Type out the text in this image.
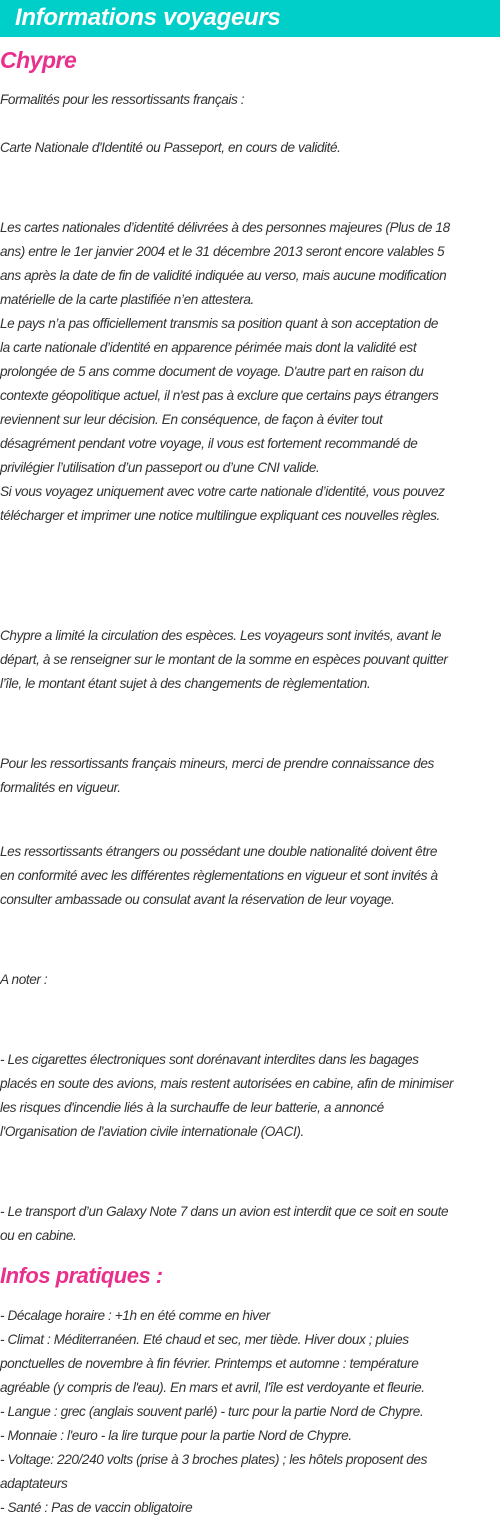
Informations voyageurs
Chypre

Formalités pour les ressortissants français :

Carte Nationale d'Identité ou Passeport, en cours de validité.

Les cartes nationales d’identité délivrées à des personnes majeures (Plus de 18
ans) entre le 1er janvier 2004 et le 31 décembre 2013 seront encore valables 5
ans après la date de fin de validité indiquée au verso, mais aucune modification
matérielle de la carte plastifiée n’en attestera.
Le pays n’a pas officiellement transmis sa position quant à son acceptation de
la carte nationale d’identité en apparence périmée mais dont la validité est
prolongée de 5 ans comme document de voyage. D'autre part en raison du
contexte géopolitique actuel, il n'est pas à exclure que certains pays étrangers
reviennent sur leur décision. En conséquence, de façon à éviter tout
désagrément pendant votre voyage, il vous est fortement recommandé de
privilégier l’utilisation d’un passeport ou d’une CNI valide.
Si vous voyagez uniquement avec votre carte nationale d’identité, vous pouvez
télécharger et imprimer une notice multilingue expliquant ces nouvelles règles.

Chypre a limité la circulation des espèces. Les voyageurs sont invités, avant le
départ, à se renseigner sur le montant de la somme en espèces pouvant quitter
l’île, le montant étant sujet à des changements de règlementation.

Pour les ressortissants français mineurs, merci de prendre connaissance des
formalités en vigueur.

Les ressortissants étrangers ou possédant une double nationalité doivent être
en conformité avec les différentes règlementations en vigueur et sont invités à
consulter ambassade ou consulat avant la réservation de leur voyage.

A noter :

- Les cigarettes électroniques sont dorénavant interdites dans les bagages
placés en soute des avions, mais restent autorisées en cabine, afin de minimiser
les risques d'incendie liés à la surchauffe de leur batterie, a annoncé
l'Organisation de l'aviation civile internationale (OACI).

- Le transport d’un Galaxy Note 7 dans un avion est interdit que ce soit en soute
ou en cabine.

Infos pratiques :

- Décalage horaire : +1h en été comme en hiver
- Climat : Méditerranéen. Eté chaud et sec, mer tiède. Hiver doux ; pluies
ponctuelles de novembre à fin février. Printemps et automne : température
agréable (y compris de l'eau). En mars et avril, l'île est verdoyante et fleurie.
- Langue : grec (anglais souvent parlé) - turc pour la partie Nord de Chypre.
- Monnaie : l'euro - la lire turque pour la partie Nord de Chypre.
- Voltage: 220/240 volts (prise à 3 broches plates) ; les hôtels proposent des
adaptateurs
- Santé : Pas de vaccin obligatoire
